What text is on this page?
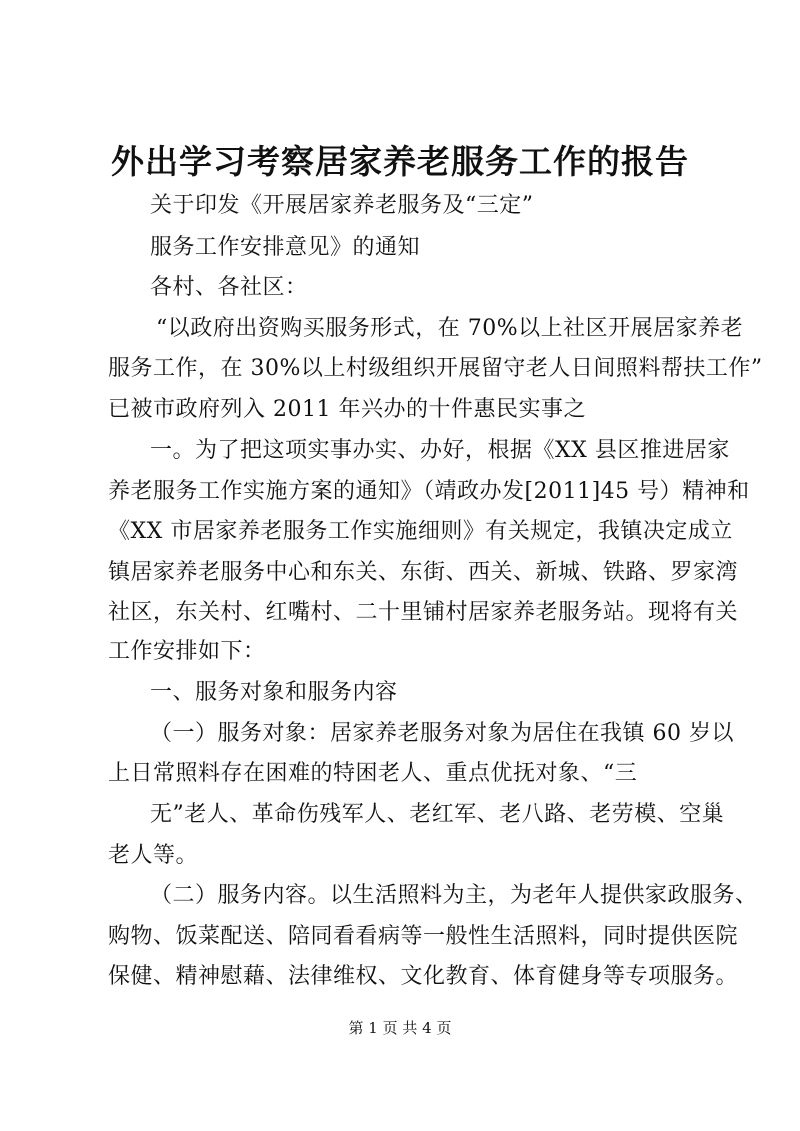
外出学习考察居家养老服务工作的报告
关于印发《开展居家养老服务及“三定”
服务工作安排意见》的通知
各村、各社区：
“以政府出资购买服务形式，在 70%以上社区开展居家养老
服务工作，在 30%以上村级组织开展留守老人日间照料帮扶工作”
已被市政府列入 2011 年兴办的十件惠民实事之
一。为了把这项实事办实、办好，根据《XX 县区推进居家
养老服务工作实施方案的通知》（靖政办发[2011]45 号）精神和
《XX 市居家养老服务工作实施细则》有关规定，我镇决定成立
镇居家养老服务中心和东关、东街、西关、新城、铁路、罗家湾
社区，东关村、红嘴村、二十里铺村居家养老服务站。现将有关
工作安排如下：
一、服务对象和服务内容
（一）服务对象：居家养老服务对象为居住在我镇 60 岁以
上日常照料存在困难的特困老人、重点优抚对象、“三
无”老人、革命伤残军人、老红军、老八路、老劳模、空巢
老人等。
（二）服务内容。以生活照料为主，为老年人提供家政服务、
购物、饭菜配送、陪同看看病等一般性生活照料，同时提供医院
保健、精神慰藉、法律维权、文化教育、体育健身等专项服务。
第 1 页 共 4 页
